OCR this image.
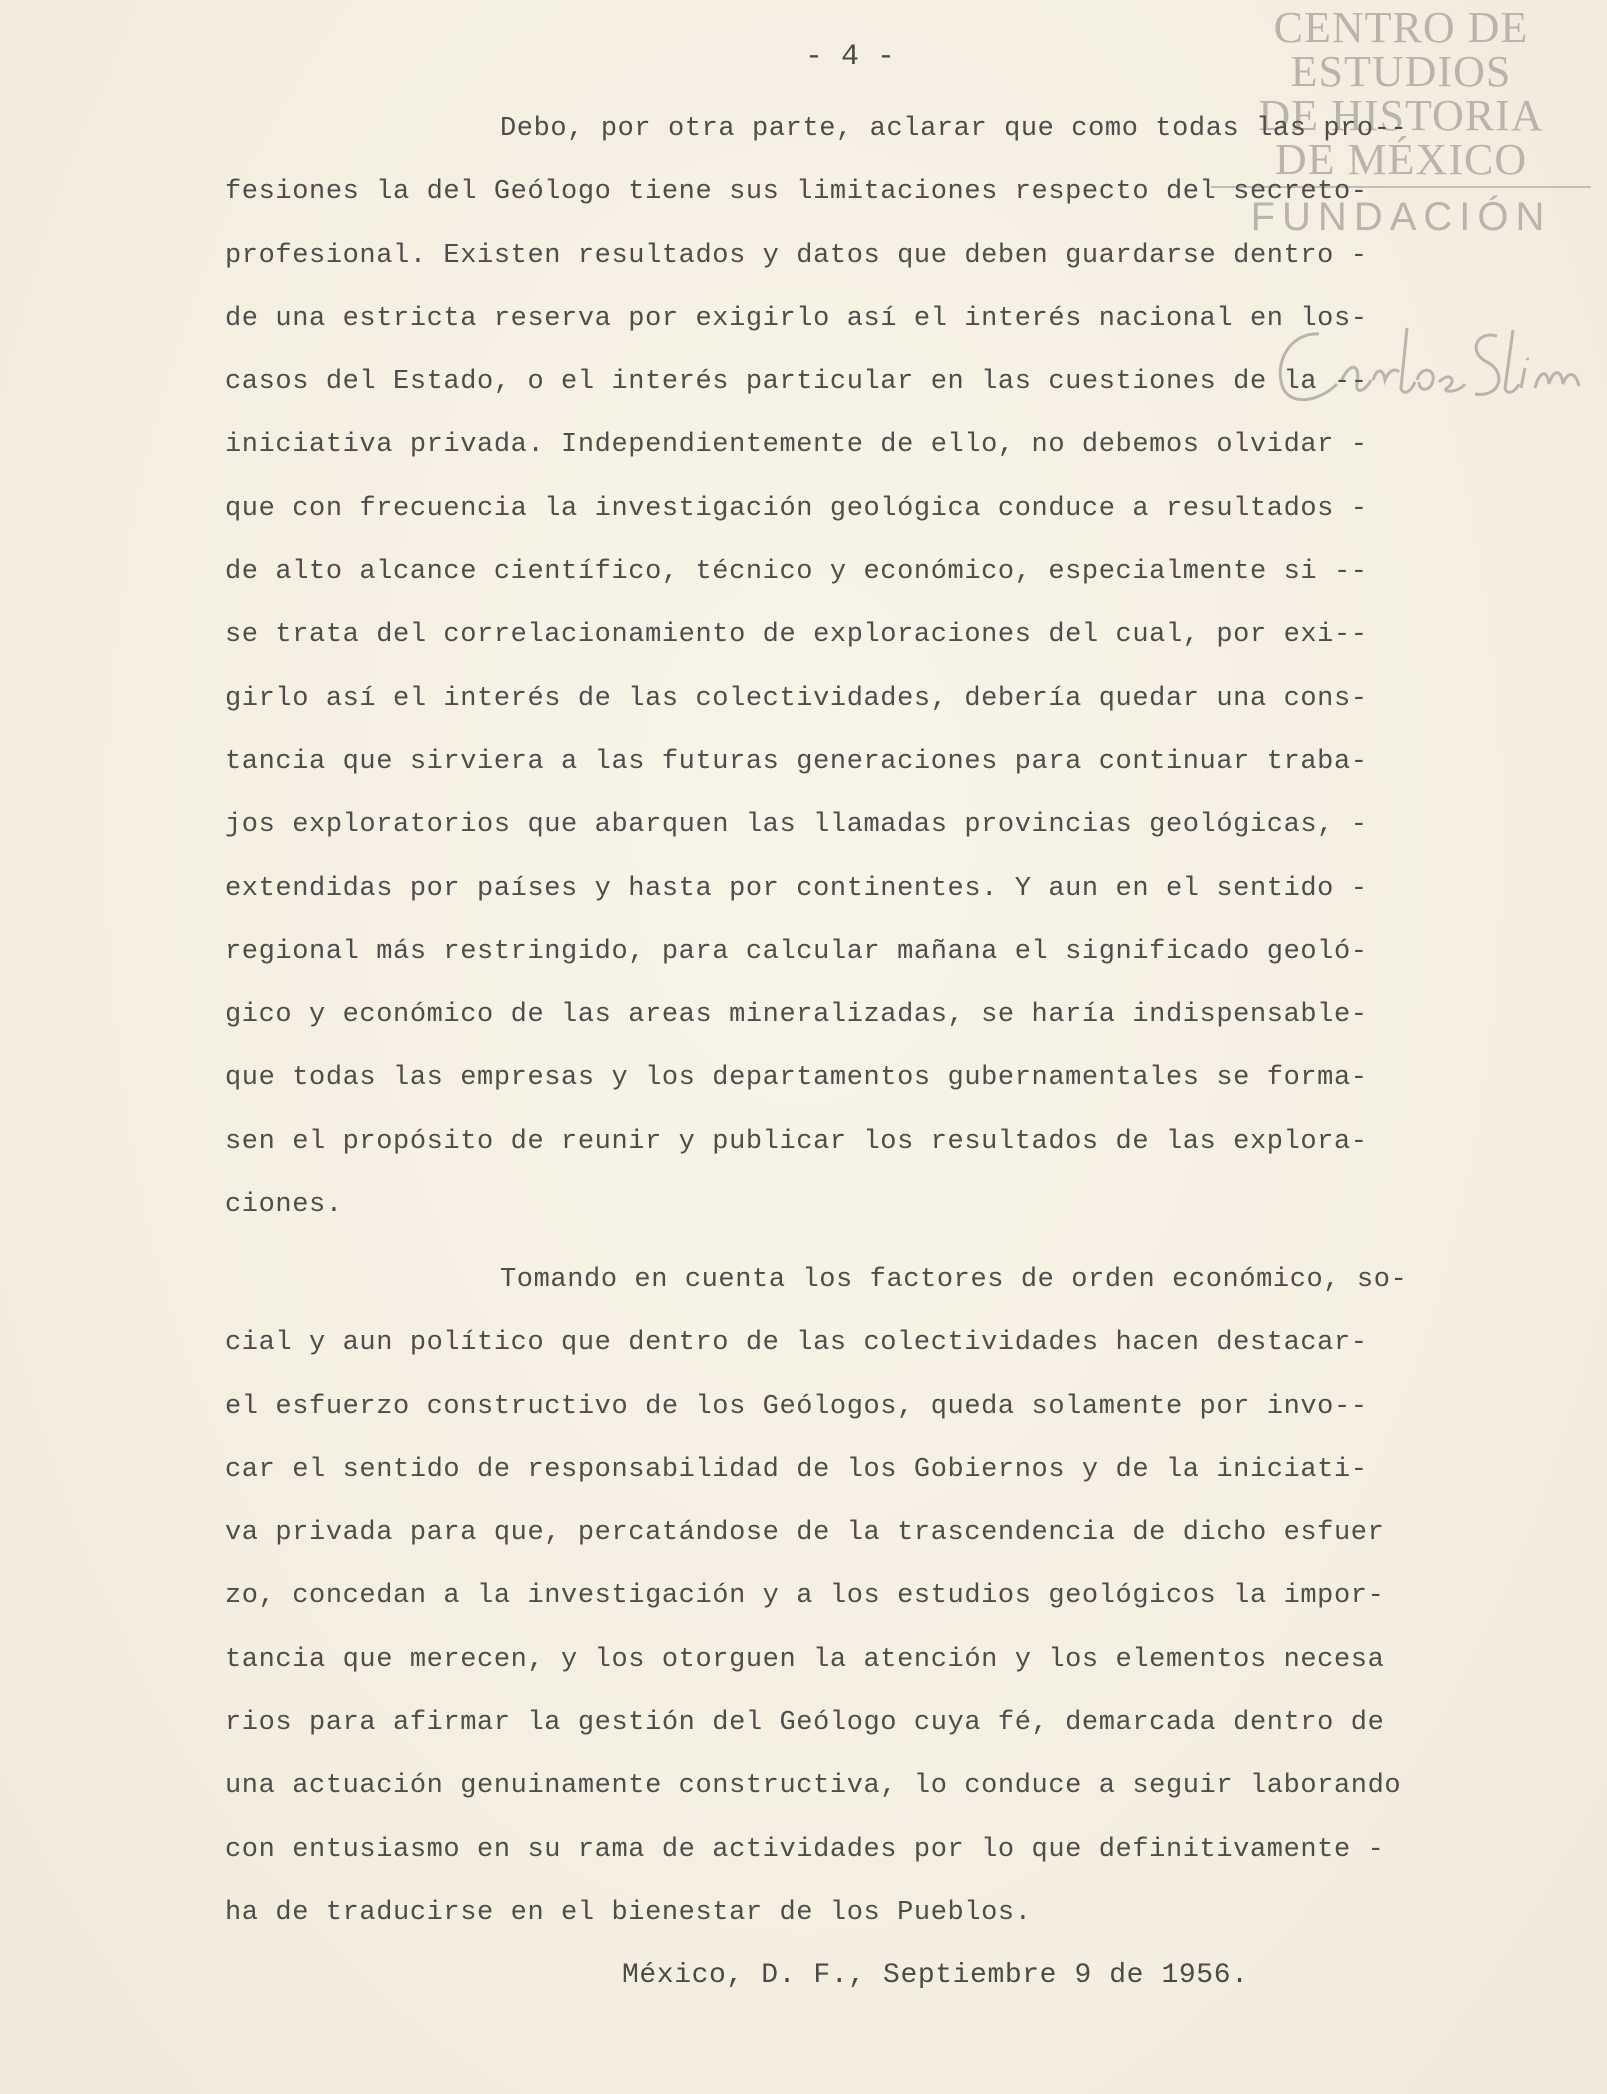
CENTRO DE
ESTUDIOS
DE HISTORIA
DE MÉXICO
FUNDACIÓN
- 4 -
Debo, por otra parte, aclarar que como todas las pro--
fesiones la del Geólogo tiene sus limitaciones respecto del secreto-
profesional. Existen resultados y datos que deben guardarse dentro -
de una estricta reserva por exigirlo así el interés nacional en los-
casos del Estado, o el interés particular en las cuestiones de la --
iniciativa privada. Independientemente de ello, no debemos olvidar -
que con frecuencia la investigación geológica conduce a resultados -
de alto alcance científico, técnico y económico, especialmente si --
se trata del correlacionamiento de exploraciones del cual, por exi--
girlo así el interés de las colectividades, debería quedar una cons-
tancia que sirviera a las futuras generaciones para continuar traba-
jos exploratorios que abarquen las llamadas provincias geológicas, -
extendidas por países y hasta por continentes. Y aun en el sentido -
regional más restringido, para calcular mañana el significado geoló-
gico y económico de las areas mineralizadas, se haría indispensable-
que todas las empresas y los departamentos gubernamentales se forma-
sen el propósito de reunir y publicar los resultados de las explora-
ciones.
Tomando en cuenta los factores de orden económico, so-
cial y aun político que dentro de las colectividades hacen destacar-
el esfuerzo constructivo de los Geólogos, queda solamente por invo--
car el sentido de responsabilidad de los Gobiernos y de la iniciati-
va privada para que, percatándose de la trascendencia de dicho esfuer
zo, concedan a la investigación y a los estudios geológicos la impor-
tancia que merecen, y los otorguen la atención y los elementos necesa
rios para afirmar la gestión del Geólogo cuya fé, demarcada dentro de
una actuación genuinamente constructiva, lo conduce a seguir laborando
con entusiasmo en su rama de actividades por lo que definitivamente -
ha de traducirse en el bienestar de los Pueblos.
México, D. F., Septiembre 9 de 1956.
